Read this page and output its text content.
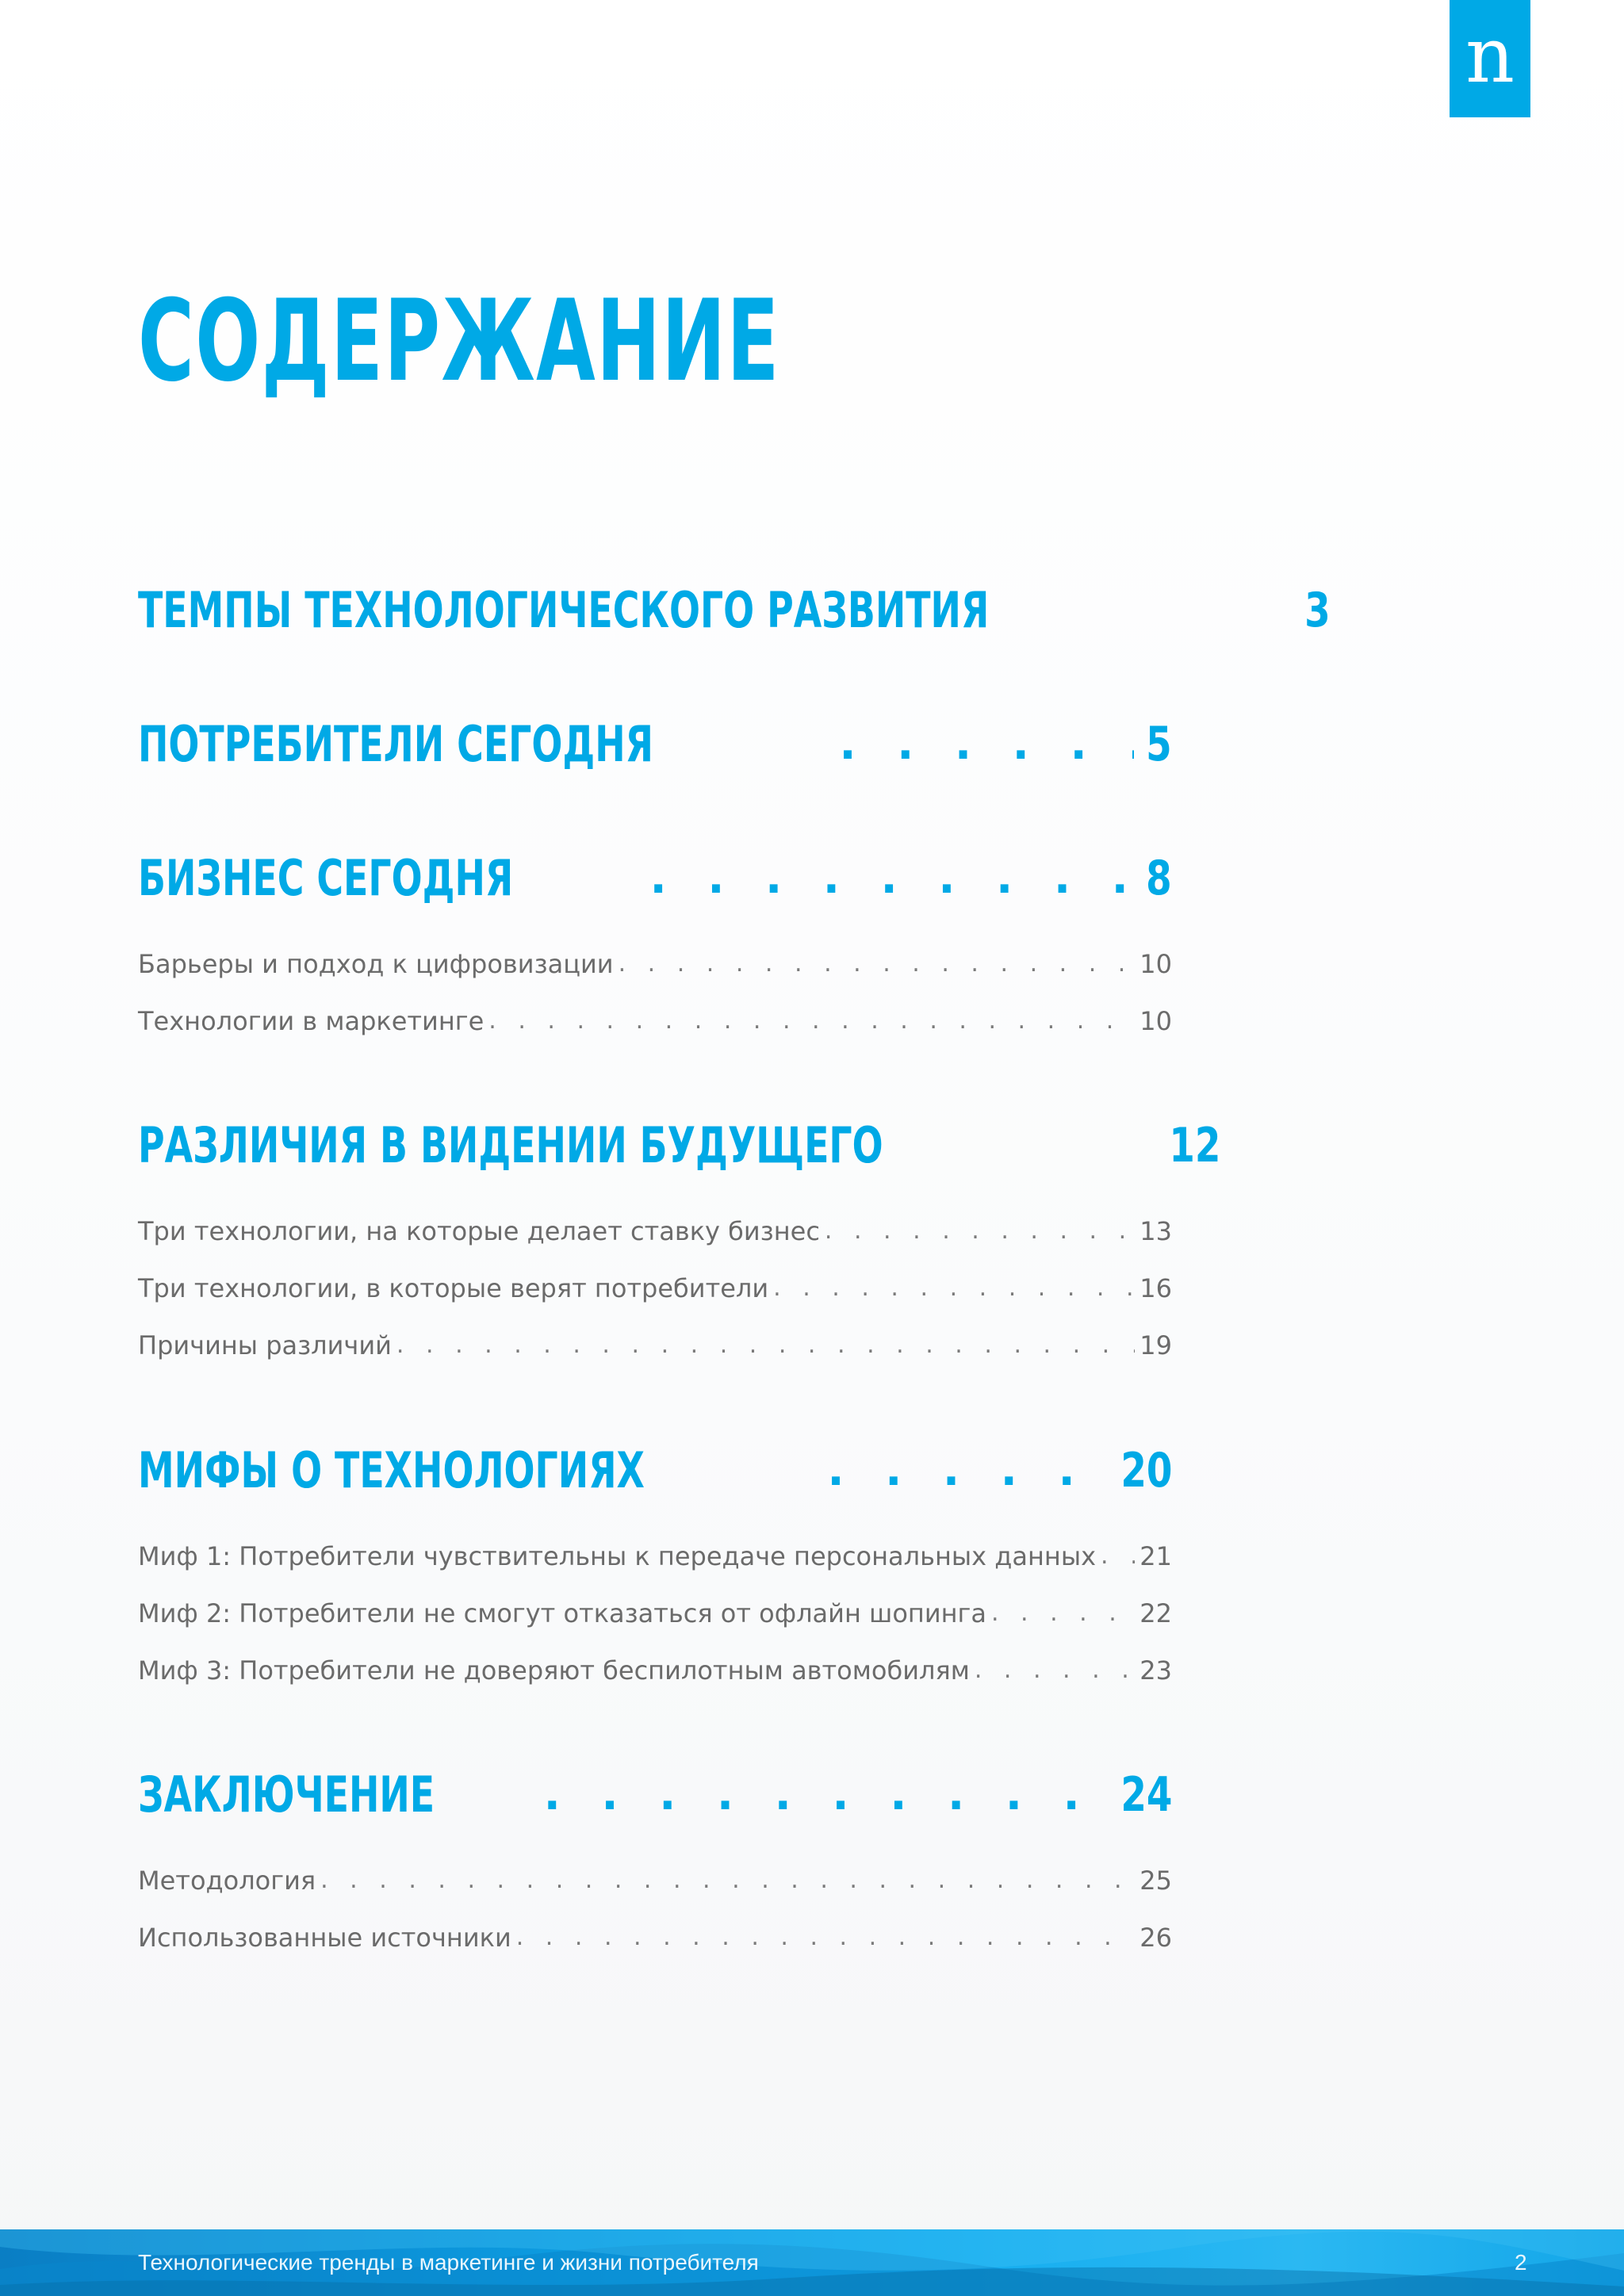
n
СОДЕРЖАНИЕ
ТЕМПЫ ТЕХНОЛОГИЧЕСКОГО РАЗВИТИЯ	3
ПОТРЕБИТЕЛИ СЕГОДНЯ . . .	5
БИЗНЕС СЕГОДНЯ . . .	8
Барьеры и подход к цифровизации . . .	10
Технологии в маркетинге . . .	10
РАЗЛИЧИЯ В ВИДЕНИИ БУДУЩЕГО	12
Три технологии, на которые делает ставку бизнес . . .	13
Три технологии, в которые верят потребители . . .	16
Причины различий . . .	19
МИФЫ О ТЕХНОЛОГИЯХ . . .	20
Миф 1: Потребители чувствительны к передаче персональных данных . . . 21
Миф 2: Потребители не смогут отказаться от офлайн шопинга . . .	22
Миф 3: Потребители не доверяют беспилотным автомобилям . . .	23
ЗАКЛЮЧЕНИЕ . . .	24
Методология . . .	25
Использованные источники . . .	26
Технологические тренды в маркетинге и жизни потребителя	2
